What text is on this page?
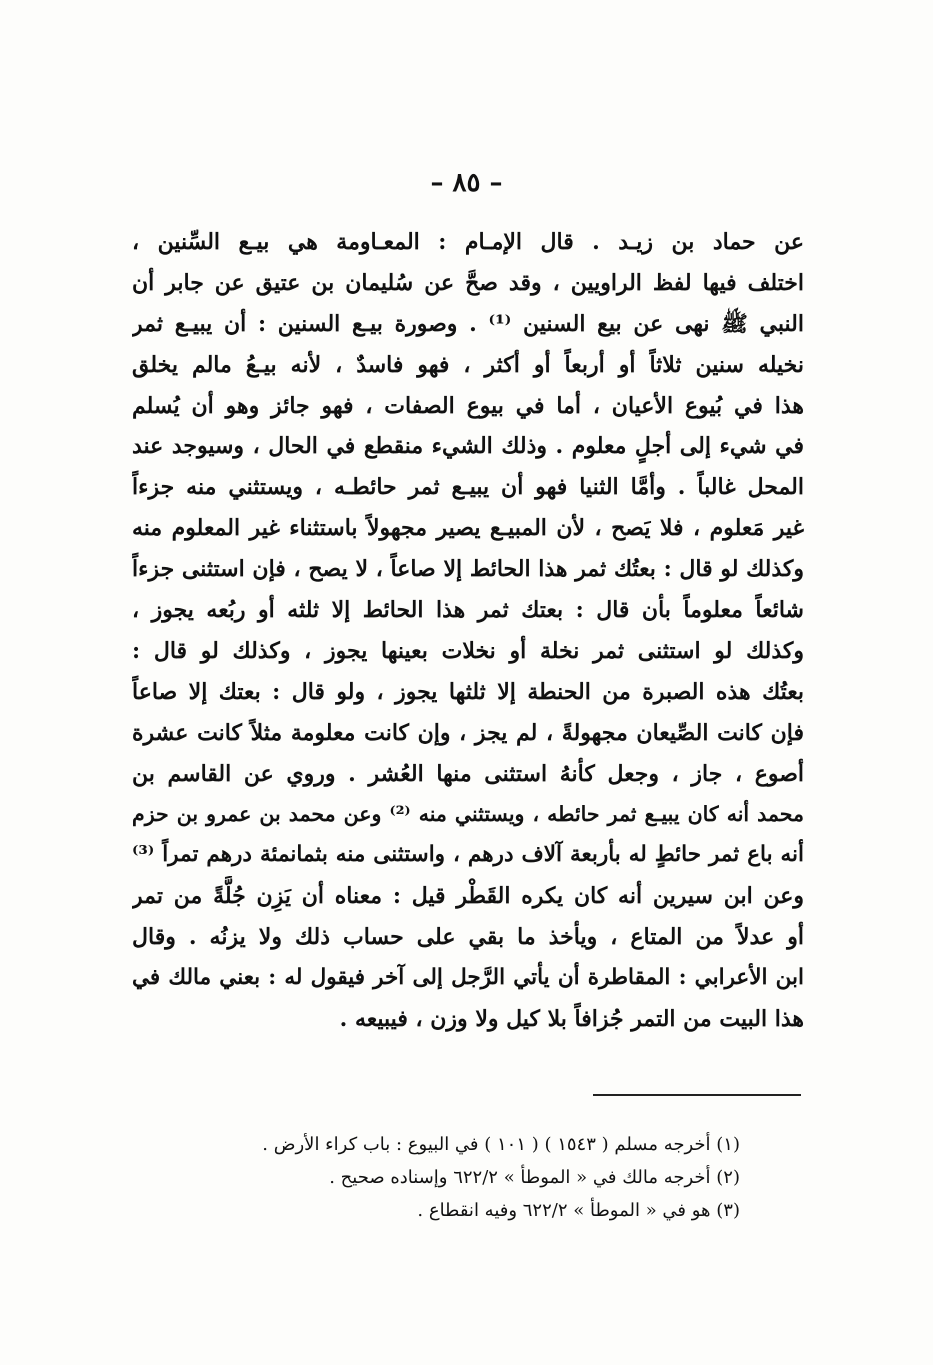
– ٨٥ –
عن حماد بن زيـد . قال الإمـام : المعـاومة هي بيـع السِّنين ،
اختلف فيها لفظ الراويين ، وقد صحَّ عن سُليمان بن عتيق عن جابر أن
النبي ﷺ نهى عن بيع السنين ⁽¹⁾ . وصورة بيـع السنين : أن يبيـع ثمر
نخيله سنين ثلاثاً أو أربعاً أو أكثر ، فهو فاسدٌ ، لأنه بيـعُ مالم يخلق
هذا في بُيوع الأعيان ، أما في بيوع الصفات ، فهو جائز وهو أن يُسلم
في شيء إلى أجلٍ معلوم . وذلك الشيء منقطع في الحال ، وسيوجد عند
المحل غالباً . وأمَّا الثنيا فهو أن يبيـع ثمر حائطـه ، ويستثني منه جزءاً
غير مَعلوم ، فلا يَصح ، لأن المبيـع يصير مجهولاً باستثناء غير المعلوم منه
وكذلك لو قال : بعتُك ثمر هذا الحائط إلا صاعاً ، لا يصح ، فإن استثنى جزءاً
شائعاً معلوماً بأن قال : بعتك ثمر هذا الحائط إلا ثلثه أو ربُعه يجوز ،
وكذلك لو استثنى ثمر نخلة أو نخلات بعينها يجوز ، وكذلك لو قال :
بعتُك هذه الصبرة من الحنطة إلا ثلثها يجوز ، ولو قال : بعتك إلا صاعاً
فإن كانت الصِّيعان مجهولةً ، لم يجز ، وإن كانت معلومة مثلاً كانت عشرة
أصوع ، جاز ، وجعل كأنهُ استثنى منها العُشر . وروي عن القاسم بن
محمد أنه كان يبيـع ثمر حائطه ، ويستثني منه ⁽²⁾ وعن محمد بن عمرو بن حزم
أنه باع ثمر حائطٍ له بأربعة آلاف درهم ، واستثنى منه بثمانمئة درهم تمراً ⁽³⁾
وعن ابن سيرين أنه كان يكره القَطْر قيل : معناه أن يَزِن جُلَّةً من تمر
أو عدلاً من المتاع ، ويأخذ ما بقي على حساب ذلك ولا يزنُه . وقال
ابن الأعرابي : المقاطرة أن يأتي الرَّجل إلى آخر فيقول له : بعني مالك في
هذا البيت من التمر جُزافاً بلا كيل ولا وزن ، فيبيعه .
(١) أخرجه مسلم ( ١٥٤٣ ) ( ١٠١ ) في البيوع : باب كراء الأرض .
(٢) أخرجه مالك في « الموطأ » ٦٢٢/٢ وإسناده صحيح .
(٣) هو في « الموطأ » ٦٢٢/٢ وفيه انقطاع .
